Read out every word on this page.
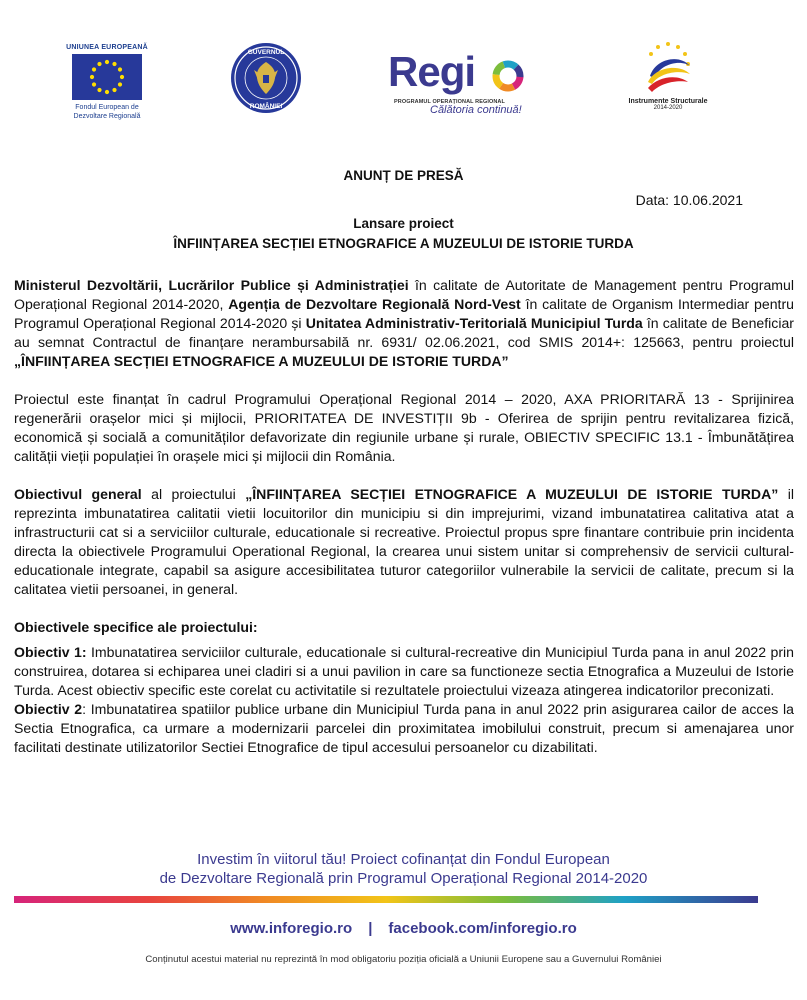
UNIUNEA EUROPEANĂ
Fondul European de
Dezvoltare Regională
GUVERNUL
ROMÂNIEI
Regi
PROGRAMUL OPERAȚIONAL REGIONAL
Călătoria continuă!
Instrumente Structurale
2014-2020
ANUNȚ DE PRESĂ
Data: 10.06.2021
Lansare proiect
ÎNFIINȚAREA SECȚIEI ETNOGRAFICE A MUZEULUI DE ISTORIE TURDA

Ministerul Dezvoltării, Lucrărilor Publice și Administrației în calitate de Autoritate de Management pentru Programul Operațional Regional 2014-2020, Agenția de Dezvoltare Regională Nord-Vest în calitate de Organism Intermediar pentru Programul Operațional Regional 2014-2020 și Unitatea Administrativ-Teritorială Municipiul Turda în calitate de Beneficiar au semnat Contractul de finanțare nerambursabilă nr. 6931/ 02.06.2021, cod SMIS 2014+: 125663, pentru proiectul „ÎNFIINȚAREA SECȚIEI ETNOGRAFICE A MUZEULUI DE ISTORIE TURDA”

Proiectul este finanțat în cadrul Programului Operațional Regional 2014 – 2020, AXA PRIORITARĂ 13 - Sprijinirea regenerării orașelor mici și mijlocii, PRIORITATEA DE INVESTIȚII 9b - Oferirea de sprijin pentru revitalizarea fizică, economică și socială a comunităților defavorizate din regiunile urbane și rurale, OBIECTIV SPECIFIC 13.1 - Îmbunătățirea calității vieții populației în orașele mici și mijlocii din România.

Obiectivul general al proiectului „ÎNFIINȚAREA SECȚIEI ETNOGRAFICE A MUZEULUI DE ISTORIE TURDA” il reprezinta imbunatatirea calitatii vietii locuitorilor din municipiu si din imprejurimi, vizand imbunatatirea calitativa atat a infrastructurii cat si a serviciilor culturale, educationale si recreative. Proiectul propus spre finantare contribuie prin incidenta directa la obiectivele Programului Operational Regional, la crearea unui sistem unitar si comprehensiv de servicii cultural-educationale integrate, capabil sa asigure accesibilitatea tuturor categoriilor vulnerabile la servicii de calitate, precum si la calitatea vietii persoanei, in general.

Obiectivele specifice ale proiectului:

Obiectiv 1: Imbunatatirea serviciilor culturale, educationale si cultural-recreative din Municipiul Turda pana in anul 2022 prin construirea, dotarea si echiparea unei cladiri si a unui pavilion in care sa functioneze sectia Etnografica a Muzeului de Istorie Turda. Acest obiectiv specific este corelat cu activitatile si rezultatele proiectului vizeaza atingerea indicatorilor preconizati.

Obiectiv 2: Imbunatatirea spatiilor publice urbane din Municipiul Turda pana in anul 2022 prin asigurarea cailor de acces la Sectia Etnografica, ca urmare a modernizarii parcelei din proximitatea imobilului construit, precum si amenajarea unor facilitati destinate utilizatorilor Sectiei Etnografice de tipul accesului persoanelor cu dizabilitati.

Investim în viitorul tău! Proiect cofinanțat din Fondul European
de Dezvoltare Regională prin Programul Operațional Regional 2014-2020
www.inforegio.ro | facebook.com/inforegio.ro
Conținutul acestui material nu reprezintă în mod obligatoriu poziția oficială a Uniunii Europene sau a Guvernului României
